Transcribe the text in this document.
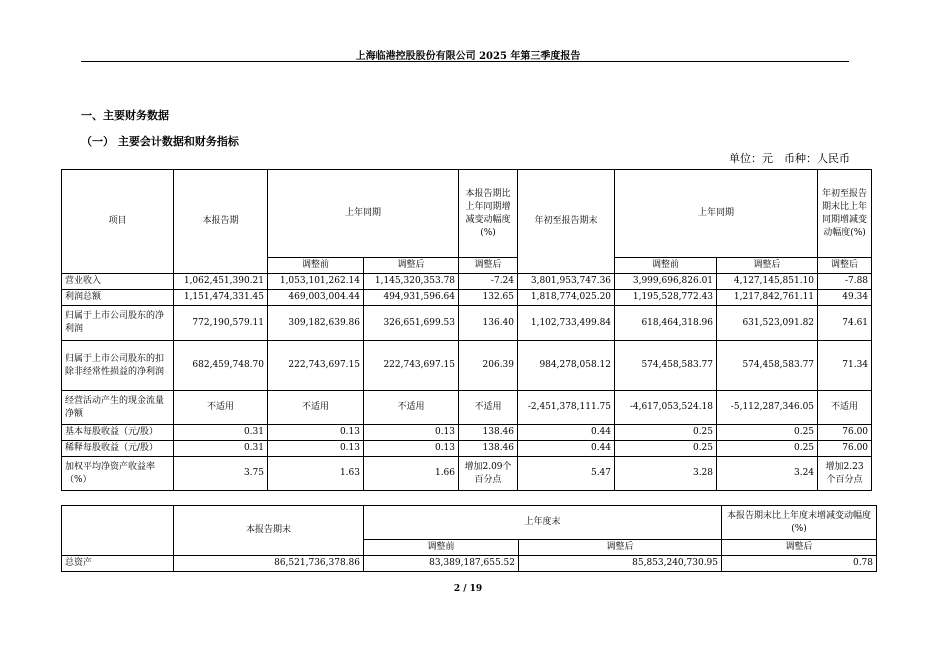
上海临港控股股份有限公司 2025 年第三季度报告
一、主要财务数据
（一） 主要会计数据和财务指标
单位：元　币种：人民币
项目	本报告期	上年同期		本报告期比上年同期增减变动幅度(%)	年初至报告期末	上年同期		年初至报告期末比上年同期增减变动幅度(%)
		调整前	调整后	调整后		调整前	调整后	调整后
营业收入	1,062,451,390.21	1,053,101,262.14	1,145,320,353.78	-7.24	3,801,953,747.36	3,999,696,826.01	4,127,145,851.10	-7.88
利润总额	1,151,474,331.45	469,003,004.44	494,931,596.64	132.65	1,818,774,025.20	1,195,528,772.43	1,217,842,761.11	49.34
归属于上市公司股东的净利润	772,190,579.11	309,182,639.86	326,651,699.53	136.40	1,102,733,499.84	618,464,318.96	631,523,091.82	74.61
归属于上市公司股东的扣除非经常性损益的净利润	682,459,748.70	222,743,697.15	222,743,697.15	206.39	984,278,058.12	574,458,583.77	574,458,583.77	71.34
经营活动产生的现金流量净额	不适用	不适用	不适用	不适用	-2,451,378,111.75	-4,617,053,524.18	-5,112,287,346.05	不适用
基本每股收益（元/股）	0.31	0.13	0.13	138.46	0.44	0.25	0.25	76.00
稀释每股收益（元/股）	0.31	0.13	0.13	138.46	0.44	0.25	0.25	76.00
加权平均净资产收益率（%）	3.75	1.63	1.66	增加2.09个百分点	5.47	3.28	3.24	增加2.23个百分点
	本报告期末	上年度末		本报告期末比上年度末增减变动幅度(%)
		调整前	调整后	调整后
总资产	86,521,736,378.86	83,389,187,655.52	85,853,240,730.95	0.78
2 / 19
